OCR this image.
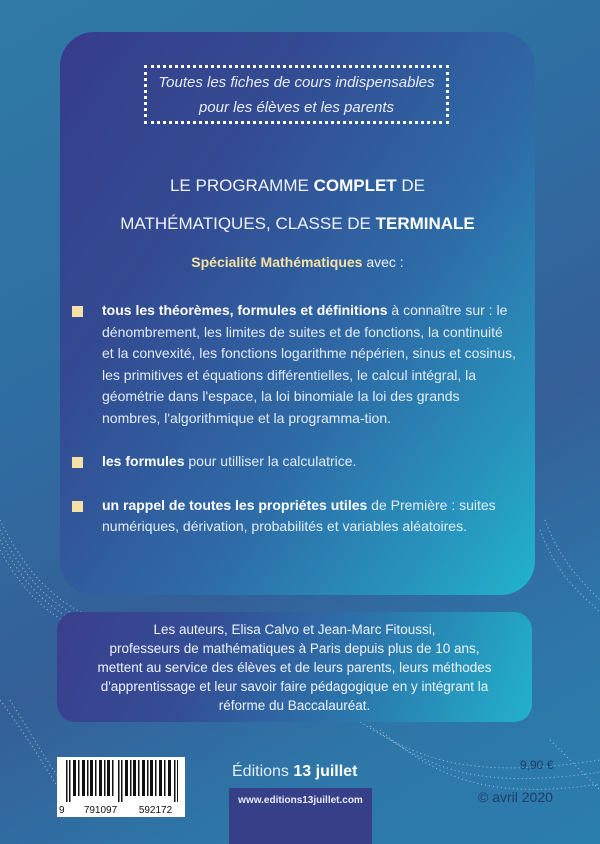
Toutes les fiches de cours indispensables
pour les élèves et les parents
LE PROGRAMME COMPLET DE
MATHÉMATIQUES, CLASSE DE TERMINALE
Spécialité Mathématiques avec :
tous les théorèmes, formules et définitions à connaître sur : le dénombrement, les limites de suites et de fonctions, la continuité et la convexité, les fonctions logarithme népérien, sinus et cosinus, les primitives et équations différentielles, le calcul intégral, la géométrie dans l'espace, la loi binomiale la loi des grands nombres, l'algorithmique et la programma-tion.
les formules pour utilliser la calculatrice.
un rappel de toutes les propriétes utiles de Première : suites numériques, dérivation, probabilités et variables aléatoires.
Les auteurs, Elisa Calvo et Jean-Marc Fitoussi,
professeurs de mathématiques à Paris depuis plus de 10 ans,
mettent au service des élèves et de leurs parents, leurs méthodes
d'apprentissage et leur savoir faire pédagogique en y intégrant la
réforme du Baccalauréat.
9	791097	592172
Éditions 13 juillet
www.editions13juillet.com
9,90 €
© avril 2020
